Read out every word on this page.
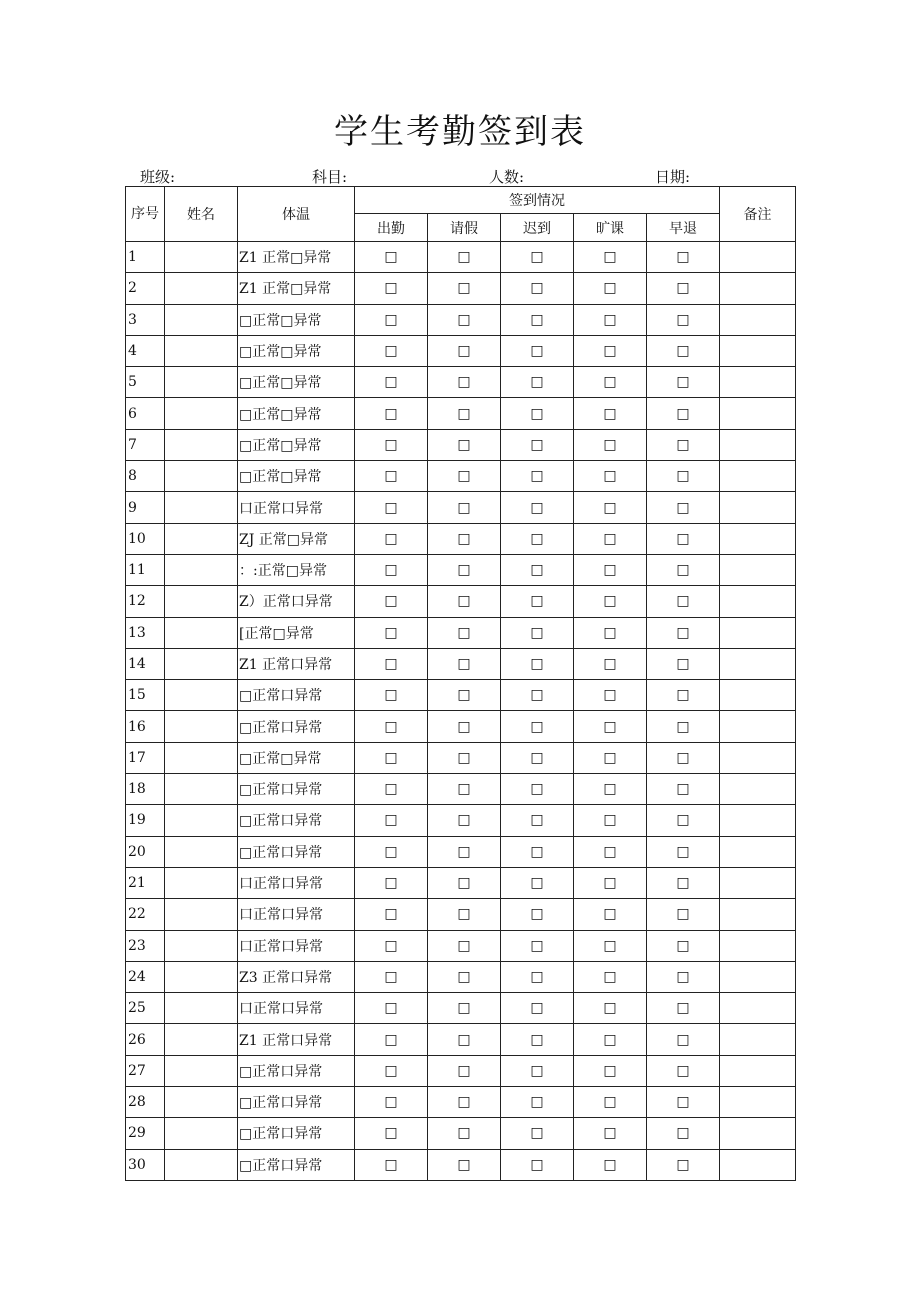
学生考勤签到表
班级:	科目:	人数:	日期:
序号	姓名	体温	签到情况					备注
			出勤	请假	迟到	旷课	早退	
1		Z1 正常□异常	□	□	□	□	□	
2		Z1 正常□异常	□	□	□	□	□	
3		□正常□异常	□	□	□	□	□	
4		□正常□异常	□	□	□	□	□	
5		□正常□异常	□	□	□	□	□	
6		□正常□异常	□	□	□	□	□	
7		□正常□异常	□	□	□	□	□	
8		□正常□异常	□	□	□	□	□	
9		口正常口异常	□	□	□	□	□	
10		ZJ 正常□异常	□	□	□	□	□	
11		：:正常□异常	□	□	□	□	□	
12		Z）正常口异常	□	□	□	□	□	
13		[正常□异常	□	□	□	□	□	
14		Z1 正常口异常	□	□	□	□	□	
15		□正常口异常	□	□	□	□	□	
16		□正常口异常	□	□	□	□	□	
17		□正常□异常	□	□	□	□	□	
18		□正常口异常	□	□	□	□	□	
19		□正常口异常	□	□	□	□	□	
20		□正常口异常	□	□	□	□	□	
21		口正常口异常	□	□	□	□	□	
22		口正常口异常	□	□	□	□	□	
23		口正常口异常	□	□	□	□	□	
24		Z3 正常口异常	□	□	□	□	□	
25		口正常口异常	□	□	□	□	□	
26		Z1 正常口异常	□	□	□	□	□	
27		□正常口异常	□	□	□	□	□	
28		□正常口异常	□	□	□	□	□	
29		□正常口异常	□	□	□	□	□	
30		□正常口异常	□	□	□	□	□	
